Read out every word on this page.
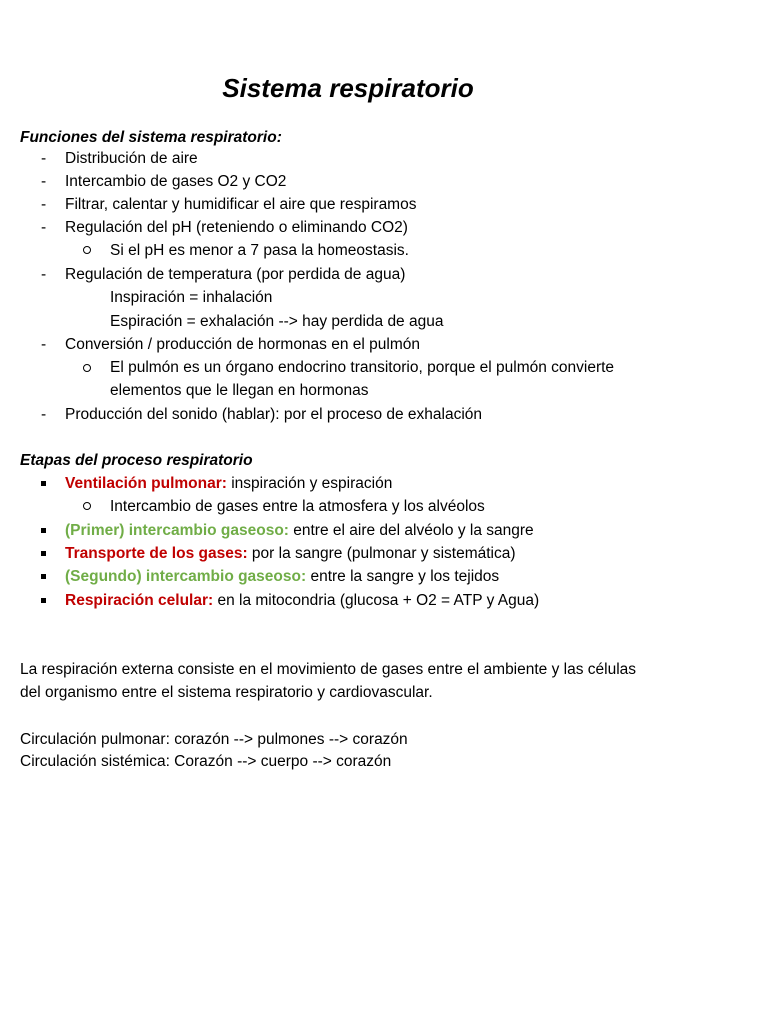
Sistema respiratorio
Funciones del sistema respiratorio:
- Distribución de aire
- Intercambio de gases O2 y CO2
- Filtrar, calentar y humidificar el aire que respiramos
- Regulación del pH (reteniendo o eliminando CO2)
Si el pH es menor a 7 pasa la homeostasis.
- Regulación de temperatura (por perdida de agua)
Inspiración = inhalación
Espiración = exhalación --> hay perdida de agua
- Conversión / producción de hormonas en el pulmón
El pulmón es un órgano endocrino transitorio, porque el pulmón convierte
elementos que le llegan en hormonas
- Producción del sonido (hablar): por el proceso de exhalación
Etapas del proceso respiratorio
Ventilación pulmonar: inspiración y espiración
Intercambio de gases entre la atmosfera y los alvéolos
(Primer) intercambio gaseoso: entre el aire del alvéolo y la sangre
Transporte de los gases: por la sangre (pulmonar y sistemática)
(Segundo) intercambio gaseoso: entre la sangre y los tejidos
Respiración celular: en la mitocondria (glucosa + O2 = ATP y Agua)
La respiración externa consiste en el movimiento de gases entre el ambiente y las células
del organismo entre el sistema respiratorio y cardiovascular.
Circulación pulmonar: corazón --> pulmones --> corazón
Circulación sistémica: Corazón --> cuerpo --> corazón
